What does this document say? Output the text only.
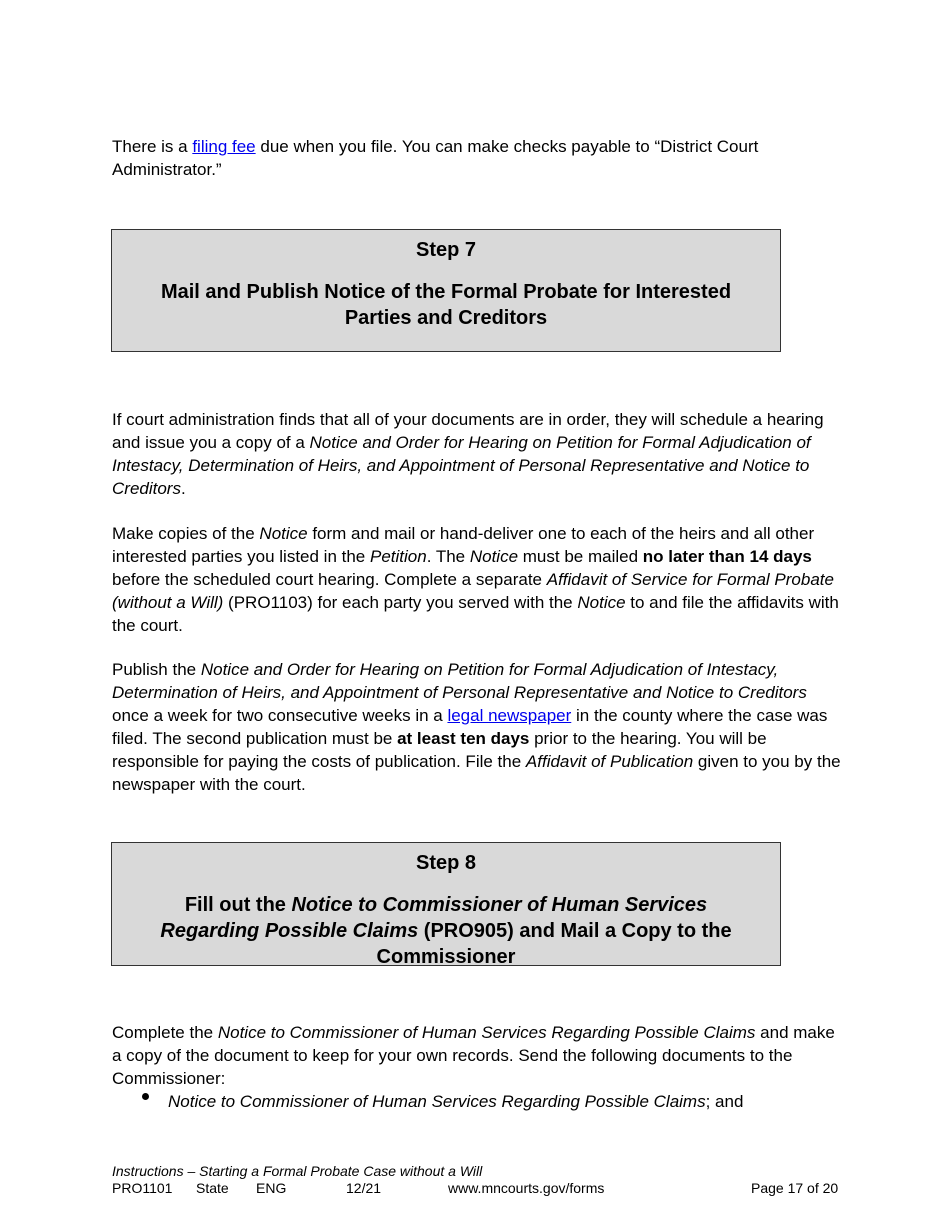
There is a filing fee due when you file. You can make checks payable to “District Court Administrator.”

Step 7

Mail and Publish Notice of the Formal Probate for Interested Parties and Creditors

If court administration finds that all of your documents are in order, they will schedule a hearing and issue you a copy of a Notice and Order for Hearing on Petition for Formal Adjudication of Intestacy, Determination of Heirs, and Appointment of Personal Representative and Notice to Creditors.

Make copies of the Notice form and mail or hand-deliver one to each of the heirs and all other interested parties you listed in the Petition. The Notice must be mailed no later than 14 days before the scheduled court hearing. Complete a separate Affidavit of Service for Formal Probate (without a Will) (PRO1103) for each party you served with the Notice to and file the affidavits with the court.

Publish the Notice and Order for Hearing on Petition for Formal Adjudication of Intestacy, Determination of Heirs, and Appointment of Personal Representative and Notice to Creditors once a week for two consecutive weeks in a legal newspaper in the county where the case was filed. The second publication must be at least ten days prior to the hearing. You will be responsible for paying the costs of publication. File the Affidavit of Publication given to you by the newspaper with the court.

Step 8

Fill out the Notice to Commissioner of Human Services Regarding Possible Claims (PRO905) and Mail a Copy to the Commissioner

Complete the Notice to Commissioner of Human Services Regarding Possible Claims and make a copy of the document to keep for your own records. Send the following documents to the Commissioner:

Notice to Commissioner of Human Services Regarding Possible Claims; and

Instructions – Starting a Formal Probate Case without a Will
PRO1101 State ENG	12/21	www.mncourts.gov/forms	Page 17 of 20
